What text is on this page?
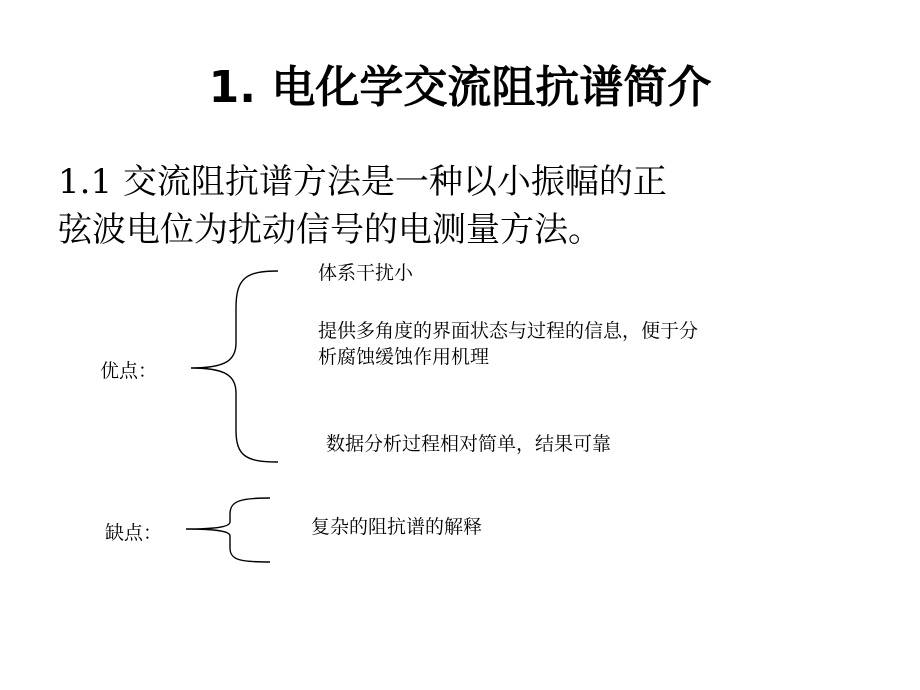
1. 电化学交流阻抗谱简介
1.1 交流阻抗谱方法是一种以小振幅的正
弦波电位为扰动信号的电测量方法。
优点：
体系干扰小
提供多角度的界面状态与过程的信息，便于分
析腐蚀缓蚀作用机理
数据分析过程相对简单，结果可靠
缺点：	复杂的阻抗谱的解释
